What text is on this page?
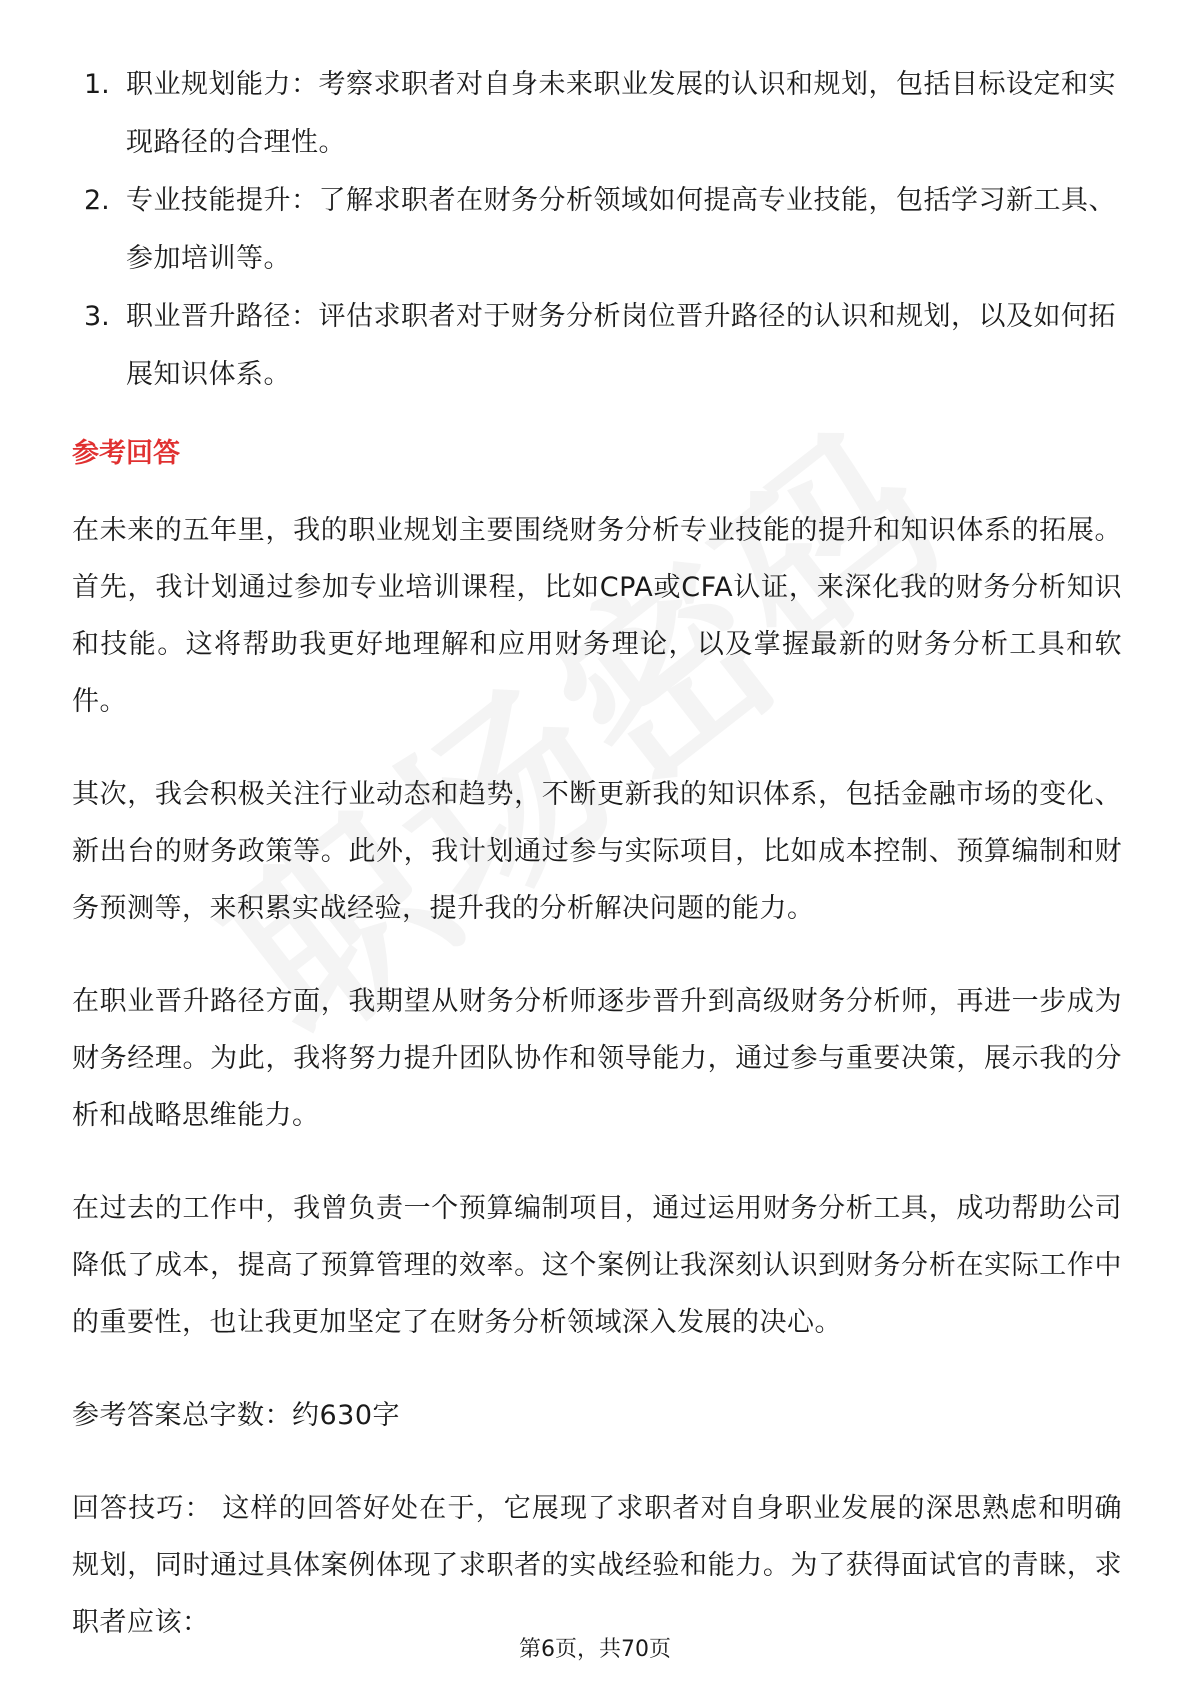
1. 职业规划能力：考察求职者对自身未来职业发展的认识和规划，包括目标设定和实现路径的合理性。
2. 专业技能提升：了解求职者在财务分析领域如何提高专业技能，包括学习新工具、参加培训等。
3. 职业晋升路径：评估求职者对于财务分析岗位晋升路径的认识和规划，以及如何拓展知识体系。
参考回答

在未来的五年里，我的职业规划主要围绕财务分析专业技能的提升和知识体系的拓展。首先，我计划通过参加专业培训课程，比如CPA或CFA认证，来深化我的财务分析知识和技能。这将帮助我更好地理解和应用财务理论，以及掌握最新的财务分析工具和软件。

其次，我会积极关注行业动态和趋势，不断更新我的知识体系，包括金融市场的变化、新出台的财务政策等。此外，我计划通过参与实际项目，比如成本控制、预算编制和财务预测等，来积累实战经验，提升我的分析解决问题的能力。

在职业晋升路径方面，我期望从财务分析师逐步晋升到高级财务分析师，再进一步成为财务经理。为此，我将努力提升团队协作和领导能力，通过参与重要决策，展示我的分析和战略思维能力。

在过去的工作中，我曾负责一个预算编制项目，通过运用财务分析工具，成功帮助公司降低了成本，提高了预算管理的效率。这个案例让我深刻认识到财务分析在实际工作中的重要性，也让我更加坚定了在财务分析领域深入发展的决心。

参考答案总字数：约630字

回答技巧： 这样的回答好处在于，它展现了求职者对自身职业发展的深思熟虑和明确规划，同时通过具体案例体现了求职者的实战经验和能力。为了获得面试官的青睐，求职者应该：

第6页，共70页
